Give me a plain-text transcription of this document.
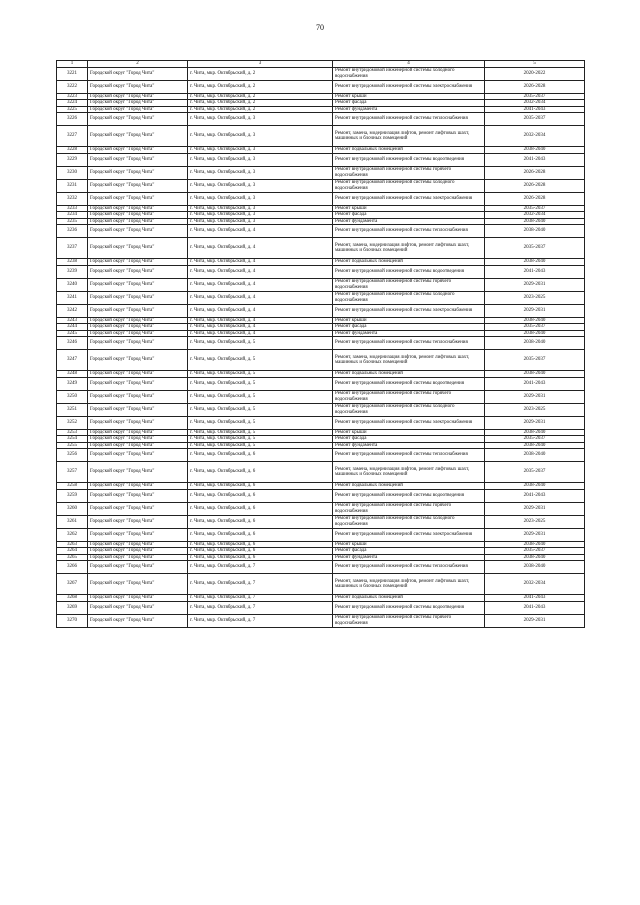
70
1	2	3	4	5
3221	Городской округ "Город Чита"	г. Чита, мкр. Октябрьский, д. 2	Ремонт внутридомовой инженерной системы холодного водоснабжения	2020-2022
3222	Городской округ "Город Чита"	г. Чита, мкр. Октябрьский, д. 2	Ремонт внутридомовой инженерной системы электроснабжения	2026-2028
3223	Городской округ "Город Чита"	г. Чита, мкр. Октябрьский, д. 2	Ремонт крыши	2035-2037
3224	Городской округ "Город Чита"	г. Чита, мкр. Октябрьский, д. 2	Ремонт фасада	2032-2034
3225	Городской округ "Город Чита"	г. Чита, мкр. Октябрьский, д. 2	Ремонт фундамента	2041-2043
3226	Городской округ "Город Чита"	г. Чита, мкр. Октябрьский, д. 3	Ремонт внутридомовой инженерной системы теплоснабжения	2035-2037
3227	Городской округ "Город Чита"	г. Чита, мкр. Октябрьский, д. 3	Ремонт, замена, модернизация лифтов, ремонт лифтовых шахт, машинных и блочных помещений	2032-2034
3228	Городской округ "Город Чита"	г. Чита, мкр. Октябрьский, д. 3	Ремонт подвальных помещений	2038-2040
3229	Городской округ "Город Чита"	г. Чита, мкр. Октябрьский, д. 3	Ремонт внутридомовой инженерной системы водоотведения	2041-2043
3230	Городской округ "Город Чита"	г. Чита, мкр. Октябрьский, д. 3	Ремонт внутридомовой инженерной системы горячего водоснабжения	2026-2028
3231	Городской округ "Город Чита"	г. Чита, мкр. Октябрьский, д. 3	Ремонт внутридомовой инженерной системы холодного водоснабжения	2026-2028
3232	Городской округ "Город Чита"	г. Чита, мкр. Октябрьский, д. 3	Ремонт внутридомовой инженерной системы электроснабжения	2026-2028
3233	Городской округ "Город Чита"	г. Чита, мкр. Октябрьский, д. 3	Ремонт крыши	2035-2037
3234	Городской округ "Город Чита"	г. Чита, мкр. Октябрьский, д. 3	Ремонт фасада	2032-2034
3235	Городской округ "Город Чита"	г. Чита, мкр. Октябрьский, д. 3	Ремонт фундамента	2038-2040
3236	Городской округ "Город Чита"	г. Чита, мкр. Октябрьский, д. 4	Ремонт внутридомовой инженерной системы теплоснабжения	2038-2040
3237	Городской округ "Город Чита"	г. Чита, мкр. Октябрьский, д. 4	Ремонт, замена, модернизация лифтов, ремонт лифтовых шахт, машинных и блочных помещений	2035-2037
3238	Городской округ "Город Чита"	г. Чита, мкр. Октябрьский, д. 4	Ремонт подвальных помещений	2038-2040
3239	Городской округ "Город Чита"	г. Чита, мкр. Октябрьский, д. 4	Ремонт внутридомовой инженерной системы водоотведения	2041-2043
3240	Городской округ "Город Чита"	г. Чита, мкр. Октябрьский, д. 4	Ремонт внутридомовой инженерной системы горячего водоснабжения	2029-2031
3241	Городской округ "Город Чита"	г. Чита, мкр. Октябрьский, д. 4	Ремонт внутридомовой инженерной системы холодного водоснабжения	2023-2025
3242	Городской округ "Город Чита"	г. Чита, мкр. Октябрьский, д. 4	Ремонт внутридомовой инженерной системы электроснабжения	2029-2031
3243	Городской округ "Город Чита"	г. Чита, мкр. Октябрьский, д. 4	Ремонт крыши	2038-2040
3244	Городской округ "Город Чита"	г. Чита, мкр. Октябрьский, д. 4	Ремонт фасада	2035-2037
3245	Городской округ "Город Чита"	г. Чита, мкр. Октябрьский, д. 4	Ремонт фундамента	2038-2040
3246	Городской округ "Город Чита"	г. Чита, мкр. Октябрьский, д. 5	Ремонт внутридомовой инженерной системы теплоснабжения	2038-2040
3247	Городской округ "Город Чита"	г. Чита, мкр. Октябрьский, д. 5	Ремонт, замена, модернизация лифтов, ремонт лифтовых шахт, машинных и блочных помещений	2035-2037
3248	Городской округ "Город Чита"	г. Чита, мкр. Октябрьский, д. 5	Ремонт подвальных помещений	2038-2040
3249	Городской округ "Город Чита"	г. Чита, мкр. Октябрьский, д. 5	Ремонт внутридомовой инженерной системы водоотведения	2041-2043
3250	Городской округ "Город Чита"	г. Чита, мкр. Октябрьский, д. 5	Ремонт внутридомовой инженерной системы горячего водоснабжения	2029-2031
3251	Городской округ "Город Чита"	г. Чита, мкр. Октябрьский, д. 5	Ремонт внутридомовой инженерной системы холодного водоснабжения	2023-2025
3252	Городской округ "Город Чита"	г. Чита, мкр. Октябрьский, д. 5	Ремонт внутридомовой инженерной системы электроснабжения	2029-2031
3253	Городской округ "Город Чита"	г. Чита, мкр. Октябрьский, д. 5	Ремонт крыши	2038-2040
3254	Городской округ "Город Чита"	г. Чита, мкр. Октябрьский, д. 5	Ремонт фасада	2035-2037
3255	Городской округ "Город Чита"	г. Чита, мкр. Октябрьский, д. 5	Ремонт фундамента	2038-2040
3256	Городской округ "Город Чита"	г. Чита, мкр. Октябрьский, д. 6	Ремонт внутридомовой инженерной системы теплоснабжения	2038-2040
3257	Городской округ "Город Чита"	г. Чита, мкр. Октябрьский, д. 6	Ремонт, замена, модернизация лифтов, ремонт лифтовых шахт, машинных и блочных помещений	2035-2037
3258	Городской округ "Город Чита"	г. Чита, мкр. Октябрьский, д. 6	Ремонт подвальных помещений	2038-2040
3259	Городской округ "Город Чита"	г. Чита, мкр. Октябрьский, д. 6	Ремонт внутридомовой инженерной системы водоотведения	2041-2043
3260	Городской округ "Город Чита"	г. Чита, мкр. Октябрьский, д. 6	Ремонт внутридомовой инженерной системы горячего водоснабжения	2029-2031
3261	Городской округ "Город Чита"	г. Чита, мкр. Октябрьский, д. 6	Ремонт внутридомовой инженерной системы холодного водоснабжения	2023-2025
3262	Городской округ "Город Чита"	г. Чита, мкр. Октябрьский, д. 6	Ремонт внутридомовой инженерной системы электроснабжения	2029-2031
3263	Городской округ "Город Чита"	г. Чита, мкр. Октябрьский, д. 6	Ремонт крыши	2038-2040
3264	Городской округ "Город Чита"	г. Чита, мкр. Октябрьский, д. 6	Ремонт фасада	2035-2037
3265	Городской округ "Город Чита"	г. Чита, мкр. Октябрьский, д. 6	Ремонт фундамента	2038-2040
3266	Городской округ "Город Чита"	г. Чита, мкр. Октябрьский, д. 7	Ремонт внутридомовой инженерной системы теплоснабжения	2038-2040
3267	Городской округ "Город Чита"	г. Чита, мкр. Октябрьский, д. 7	Ремонт, замена, модернизация лифтов, ремонт лифтовых шахт, машинных и блочных помещений	2032-2034
3268	Городской округ "Город Чита"	г. Чита, мкр. Октябрьский, д. 7	Ремонт подвальных помещений	2041-2043
3269	Городской округ "Город Чита"	г. Чита, мкр. Октябрьский, д. 7	Ремонт внутридомовой инженерной системы водоотведения	2041-2043
3270	Городской округ "Город Чита"	г. Чита, мкр. Октябрьский, д. 7	Ремонт внутридомовой инженерной системы горячего водоснабжения	2029-2031
